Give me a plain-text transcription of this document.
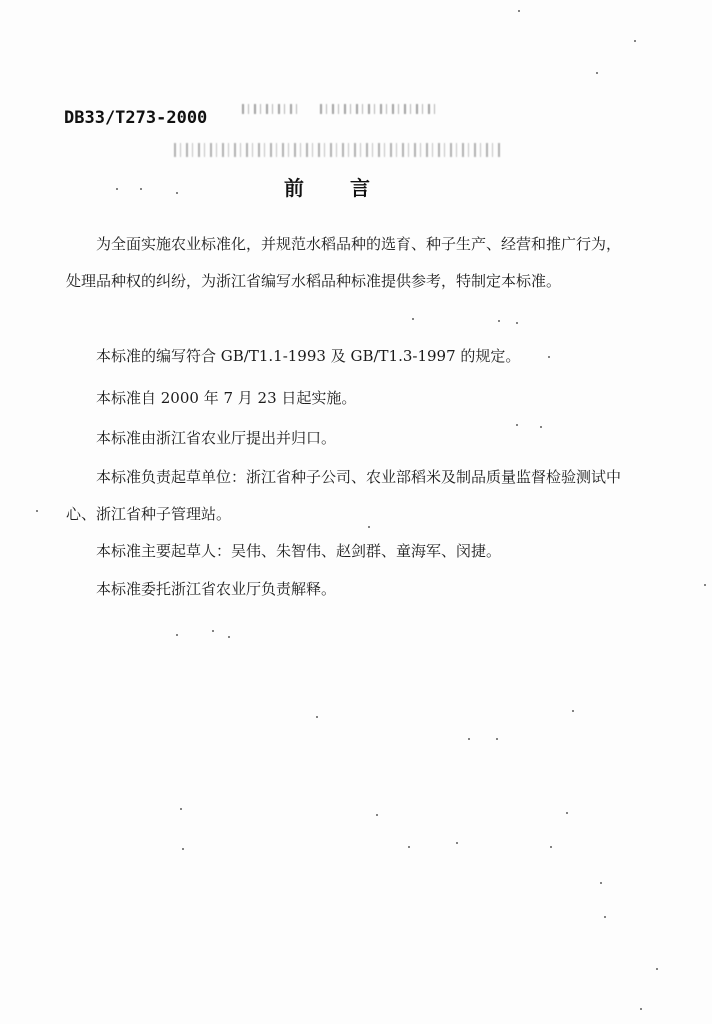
DB33/T273-2000
前 言
为全面实施农业标准化，并规范水稻品种的选育、种子生产、经营和推广行为，处理品种权的纠纷，为浙江省编写水稻品种标准提供参考，特制定本标准。
本标准的编写符合 GB/T1.1-1993 及 GB/T1.3-1997 的规定。
本标准自 2000 年 7 月 23 日起实施。
本标准由浙江省农业厅提出并归口。
本标准负责起草单位：浙江省种子公司、农业部稻米及制品质量监督检验测试中心、浙江省种子管理站。
本标准主要起草人：吴伟、朱智伟、赵剑群、童海军、闵捷。
本标准委托浙江省农业厅负责解释。
